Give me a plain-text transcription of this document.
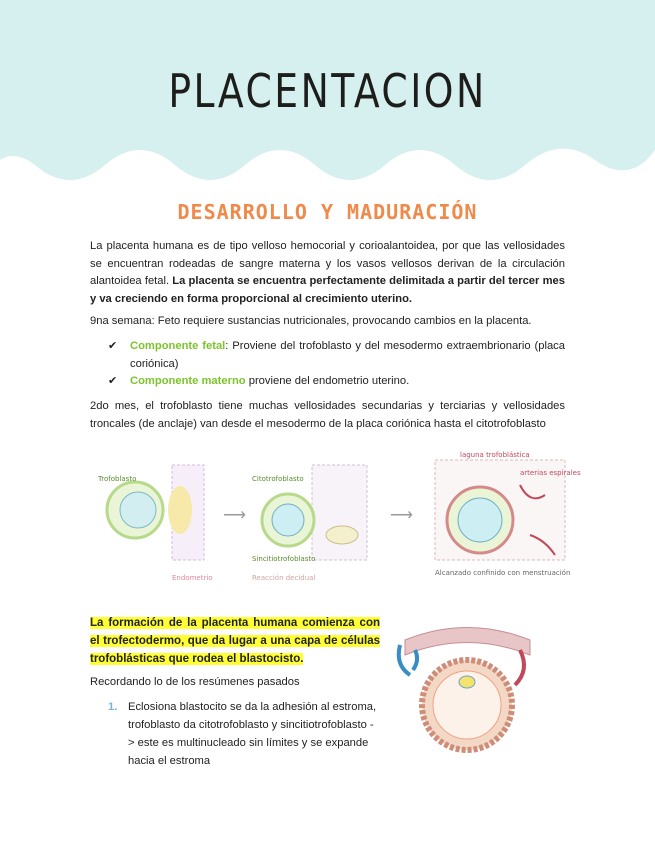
PLACENTACION
DESARROLLO Y MADURACIÓN

La placenta humana es de tipo velloso hemocorial y corioalantoidea, por que las vellosidades se encuentran rodeadas de sangre materna y los vasos vellosos derivan de la circulación alantoidea fetal. La placenta se encuentra perfectamente delimitada a partir del tercer mes y va creciendo en forma proporcional al crecimiento uterino.

9na semana: Feto requiere sustancias nutricionales, provocando cambios en la placenta.

✔ Componente fetal: Proviene del trofoblasto y del mesodermo extraembrionario (placa coriónica)
✔ Componente materno proviene del endometrio uterino.

2do mes, el trofoblasto tiene muchas vellosidades secundarias y terciarias y vellosidades troncales (de anclaje) van desde el mesodermo de la placa coriónica hasta el citotrofoblasto

Trofoblasto
Endometrio
⟶
Citotrofoblasto
Sincitiotrofoblasto
Reacción decidual
⟶
laguna trofoblástica
arterias espirales
Alcanzado confinido con menstruación

La formación de la placenta humana comienza con el trofectodermo, que da lugar a una capa de células trofoblásticas que rodea el blastocisto.

Recordando lo de los resúmenes pasados

1. Eclosiona blastocito se da la adhesión al estroma, trofoblasto da citotrofoblasto y sincitiotrofoblasto -> este es multinucleado sin límites y se expande hacia el estroma
